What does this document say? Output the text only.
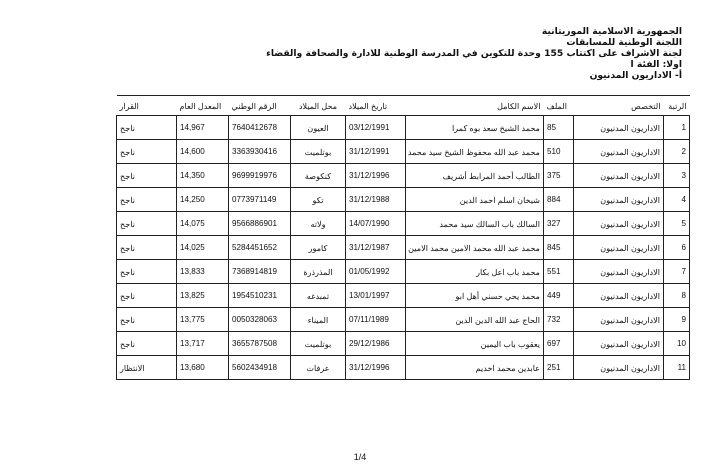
الجمهورية الاسلامية الموريتانية
اللجنة الوطنية للمسابقات
لجنة الاشراف على اكتتاب 155 وحدة للتكوين في المدرسة الوطنية للادارة والصحافة والقضاء
اولا: الفئة ا
أ- الاداريون المدنيون
الرتبة	التخصص	الملف	الاسم الكامل	تاريخ الميلاد	محل الميلاد	الرقم الوطني	المعدل العام	القرار
1	الاداريون المدنيون	85	محمد الشيخ سعد بوه كمرا	03/12/1991	العيون	7640412678	14,967	ناجح
2	الاداريون المدنيون	510	محمد عبد الله محفوظ الشيخ سيد محمد	31/12/1991	بوتلميت	3363930416	14,600	ناجح
3	الاداريون المدنيون	375	الطالب أحمد المرابط أشريف	31/12/1996	كنكوصة	9699919976	14,350	ناجح
4	الاداريون المدنيون	884	شيخان اسلم احمد الدين	31/12/1988	تكو	0773971149	14,250	ناجح
5	الاداريون المدنيون	327	السالك باب السالك سيد محمد	14/07/1990	ولاته	9566886901	14,075	ناجح
6	الاداريون المدنيون	845	محمد عبد الله محمد الامين محمد الامين	31/12/1987	كامور	5284451652	14,025	ناجح
7	الاداريون المدنيون	551	محمد باب اعل بكار	01/05/1992	المذرذرة	7368914819	13,833	ناجح
8	الاداريون المدنيون	449	محمد يحي حسني أهل ابو	13/01/1997	تمبدغه	1954510231	13,825	ناجح
9	الاداريون المدنيون	732	الحاج عبد الله الدين الدين	07/11/1989	الميناء	0050328063	13,775	ناجح
10	الاداريون المدنيون	697	يعقوب باب اليمين	29/12/1986	بوتلميت	3655787508	13,717	ناجح
11	الاداريون المدنيون	251	عابدين محمد اخديم	31/12/1996	عرفات	5602434918	13,680	الانتظار
1/4
